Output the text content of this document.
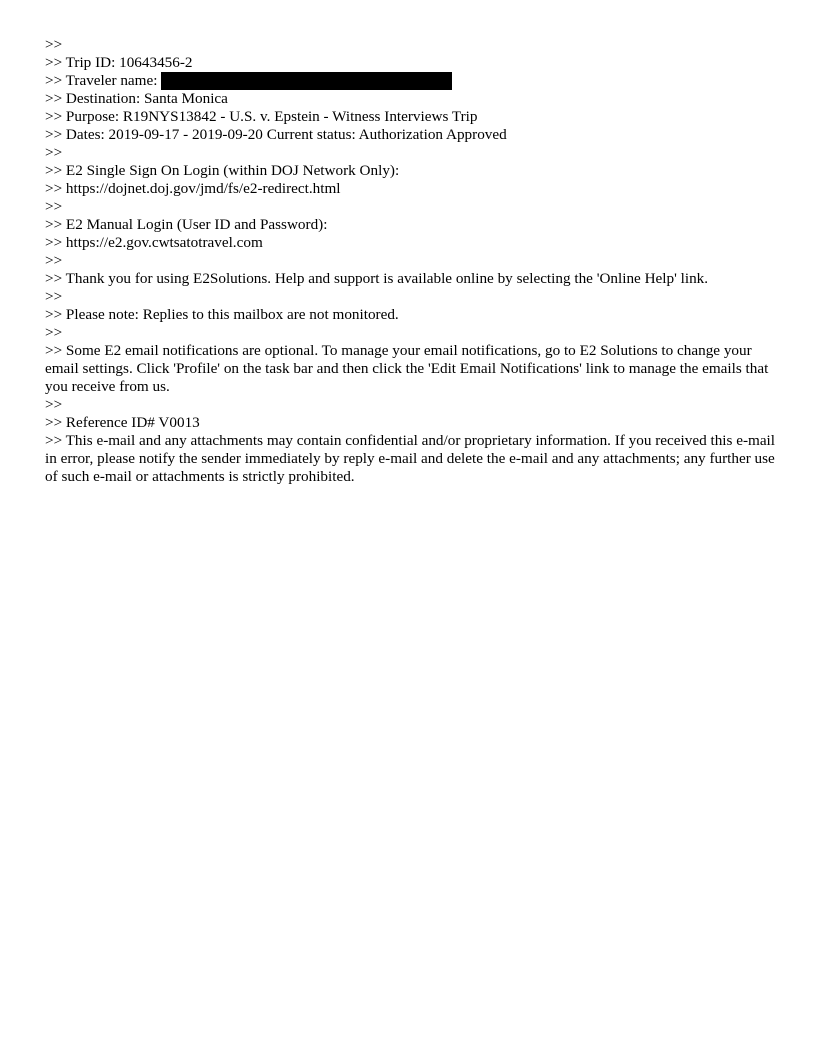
>>
>> Trip ID: 10643456-2
>> Traveler name:
>> Destination: Santa Monica
>> Purpose: R19NYS13842 - U.S. v. Epstein - Witness Interviews Trip
>> Dates: 2019-09-17 - 2019-09-20 Current status: Authorization Approved
>>
>> E2 Single Sign On Login (within DOJ Network Only):
>> https://dojnet.doj.gov/jmd/fs/e2-redirect.html
>>
>> E2 Manual Login (User ID and Password):
>> https://e2.gov.cwtsatotravel.com
>>
>> Thank you for using E2Solutions. Help and support is available online by selecting the 'Online Help' link.
>>
>> Please note: Replies to this mailbox are not monitored.
>>
>> Some E2 email notifications are optional. To manage your email notifications, go to E2 Solutions to change your email settings. Click 'Profile' on the task bar and then click the 'Edit Email Notifications' link to manage the emails that you receive from us.
>>
>> Reference ID# V0013
>> This e-mail and any attachments may contain confidential and/or proprietary information. If you received this e-mail in error, please notify the sender immediately by reply e-mail and delete the e-mail and any attachments; any further use of such e-mail or attachments is strictly prohibited.
